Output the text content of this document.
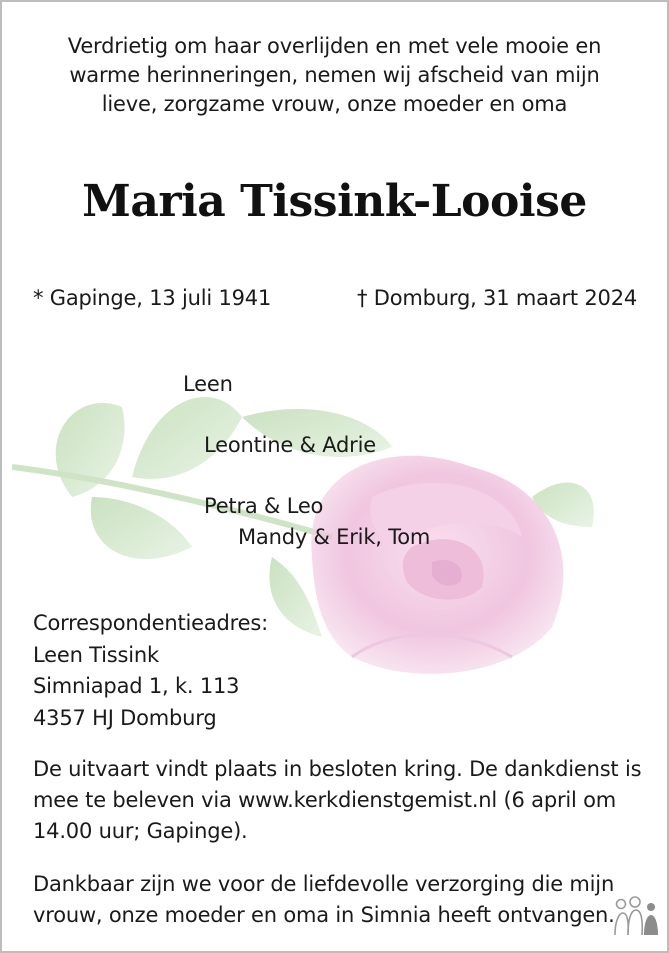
Verdrietig om haar overlijden en met vele mooie en
warme herinneringen, nemen wij afscheid van mijn
lieve, zorgzame vrouw, onze moeder en oma
Maria Tissink-Looise
* Gapinge, 13 juli 1941	† Domburg, 31 maart 2024
Leen
Leontine & Adrie
Petra & Leo
Mandy & Erik, Tom
Correspondentieadres:
Leen Tissink
Simniapad 1, k. 113
4357 HJ Domburg
De uitvaart vindt plaats in besloten kring. De dankdienst is
mee te beleven via www.kerkdienstgemist.nl (6 april om
14.00 uur; Gapinge).
Dankbaar zijn we voor de liefdevolle verzorging die mijn
vrouw, onze moeder en oma in Simnia heeft ontvangen.
